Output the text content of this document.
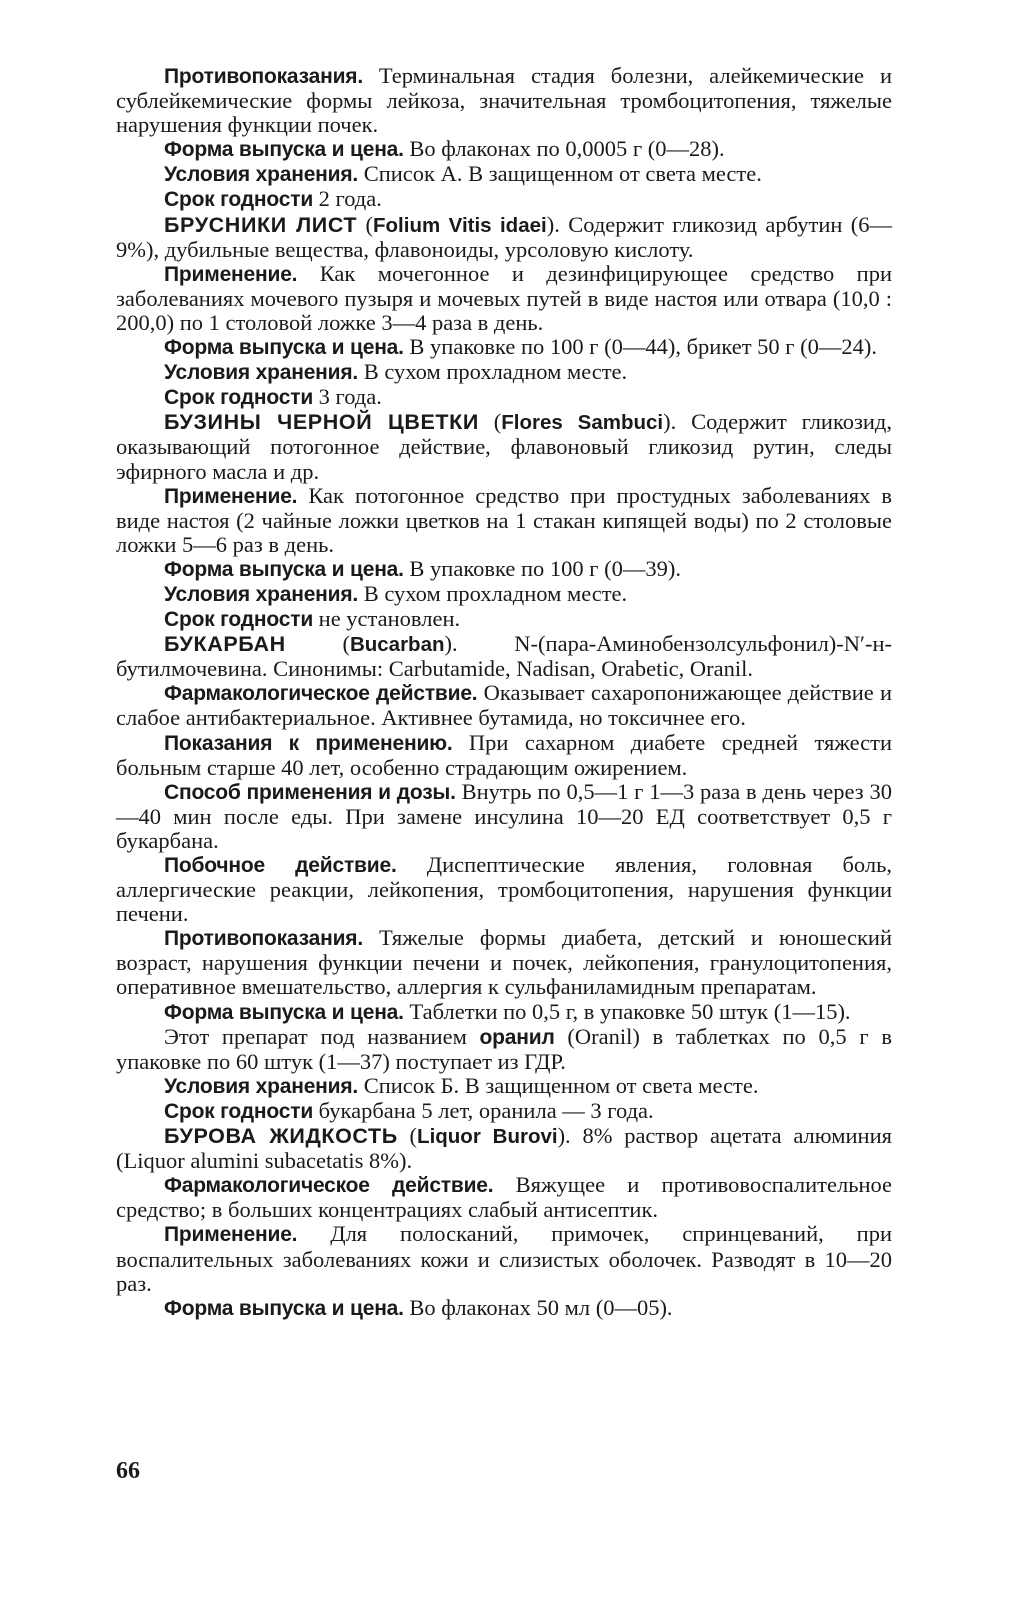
Противопоказания. Терминальная стадия болезни, алейкемические и сублейкемические формы лейкоза, значительная тромбоцитопения, тяжелые нарушения функции почек.

Форма выпуска и цена. Во флаконах по 0,0005 г (0—28).

Условия хранения. Список А. В защищенном от света месте.

Срок годности 2 года.

БРУСНИКИ ЛИСТ (Folium Vitis idaei). Содержит гликозид арбутин (6—9%), дубильные вещества, флавоноиды, урсоловую кислоту.

Применение. Как мочегонное и дезинфицирующее средство при заболеваниях мочевого пузыря и мочевых путей в виде настоя или отвара (10,0 : 200,0) по 1 столовой ложке 3—4 раза в день.

Форма выпуска и цена. В упаковке по 100 г (0—44), брикет 50 г (0—24).

Условия хранения. В сухом прохладном месте.

Срок годности 3 года.

БУЗИНЫ ЧЕРНОЙ ЦВЕТКИ (Flores Sambuci). Содержит гликозид, оказывающий потогонное действие, флавоновый гликозид рутин, следы эфирного масла и др.

Применение. Как потогонное средство при простудных заболеваниях в виде настоя (2 чайные ложки цветков на 1 стакан кипящей воды) по 2 столовые ложки 5—6 раз в день.

Форма выпуска и цена. В упаковке по 100 г (0—39).

Условия хранения. В сухом прохладном месте.

Срок годности не установлен.

БУКАРБАН (Bucarban). N-(пара-Аминобензолсульфонил)-N′-н-бутилмочевина. Синонимы: Carbutamide, Nadisan, Orabetic, Oranil.

Фармакологическое действие. Оказывает сахаропонижающее действие и слабое антибактериальное. Активнее бутамида, но токсичнее его.

Показания к применению. При сахарном диабете средней тяжести больным старше 40 лет, особенно страдающим ожирением.

Способ применения и дозы. Внутрь по 0,5—1 г 1—3 раза в день через 30—40 мин после еды. При замене инсулина 10—20 ЕД соответствует 0,5 г букарбана.

Побочное действие. Диспептические явления, головная боль, аллергические реакции, лейкопения, тромбоцитопения, нарушения функции печени.

Противопоказания. Тяжелые формы диабета, детский и юношеский возраст, нарушения функции печени и почек, лейкопения, гранулоцитопения, оперативное вмешательство, аллергия к сульфаниламидным препаратам.

Форма выпуска и цена. Таблетки по 0,5 г, в упаковке 50 штук (1—15).

Этот препарат под названием оранил (Oranil) в таблетках по 0,5 г в упаковке по 60 штук (1—37) поступает из ГДР.

Условия хранения. Список Б. В защищенном от света месте.

Срок годности букарбана 5 лет, оранила — 3 года.

БУРОВА ЖИДКОСТЬ (Liquor Burovi). 8% раствор ацетата алюминия (Liquor alumini subacetatis 8%).

Фармакологическое действие. Вяжущее и противовоспалительное средство; в больших концентрациях слабый антисептик.

Применение. Для полосканий, примочек, спринцеваний, при воспалительных заболеваниях кожи и слизистых оболочек. Разводят в 10—20 раз.

Форма выпуска и цена. Во флаконах 50 мл (0—05).

66
